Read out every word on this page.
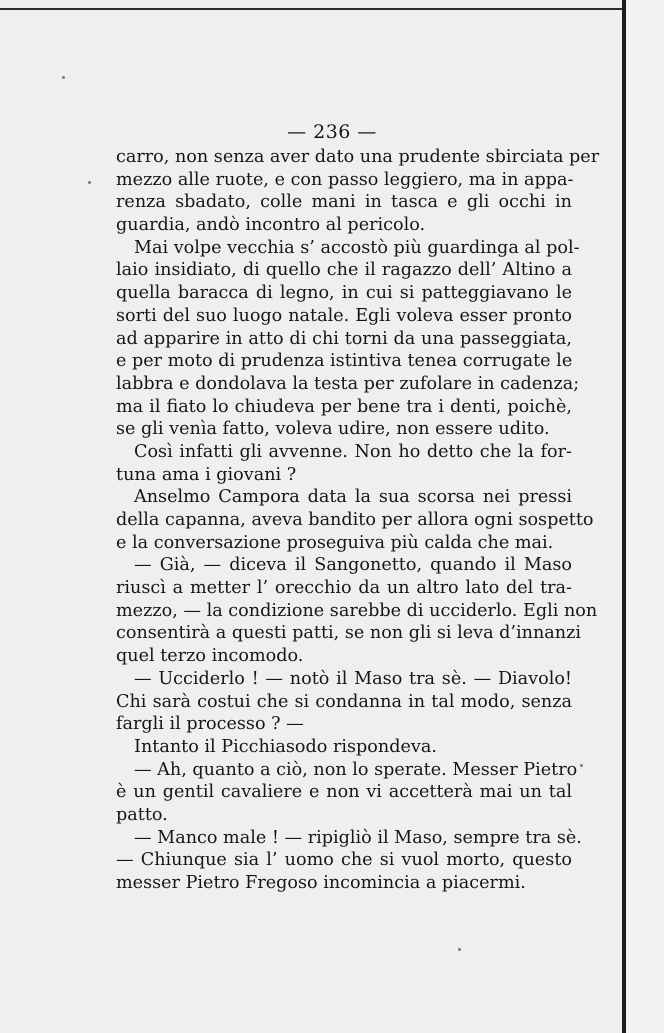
— 236 —
carro, non senza aver dato una prudente sbirciata per
mezzo alle ruote, e con passo leggiero, ma in appa-
renza sbadato, colle mani in tasca e gli occhi in
guardia, andò incontro al pericolo.
Mai volpe vecchia s’ accostò più guardinga al pol-
laio insidiato, di quello che il ragazzo dell’ Altino a
quella baracca di legno, in cui si patteggiavano le
sorti del suo luogo natale. Egli voleva esser pronto
ad apparire in atto di chi torni da una passeggiata,
e per moto di prudenza istintiva tenea corrugate le
labbra e dondolava la testa per zufolare in cadenza;
ma il fiato lo chiudeva per bene tra i denti, poichè,
se gli venìa fatto, voleva udire, non essere udito.
Così infatti gli avvenne. Non ho detto che la for-
tuna ama i giovani ?
Anselmo Campora data la sua scorsa nei pressi
della capanna, aveva bandito per allora ogni sospetto
e la conversazione proseguiva più calda che mai.
— Già, — diceva il Sangonetto, quando il Maso
riuscì a metter l’ orecchio da un altro lato del tra-
mezzo, — la condizione sarebbe di ucciderlo. Egli non
consentirà a questi patti, se non gli si leva d’innanzi
quel terzo incomodo.
— Ucciderlo ! — notò il Maso tra sè. — Diavolo!
Chi sarà costui che si condanna in tal modo, senza
fargli il processo ? —
Intanto il Picchiasodo rispondeva.
— Ah, quanto a ciò, non lo sperate. Messer Pietro
è un gentil cavaliere e non vi accetterà mai un tal
patto.
— Manco male ! — ripigliò il Maso, sempre tra sè.
— Chiunque sia l’ uomo che si vuol morto, questo
messer Pietro Fregoso incomincia a piacermi.
